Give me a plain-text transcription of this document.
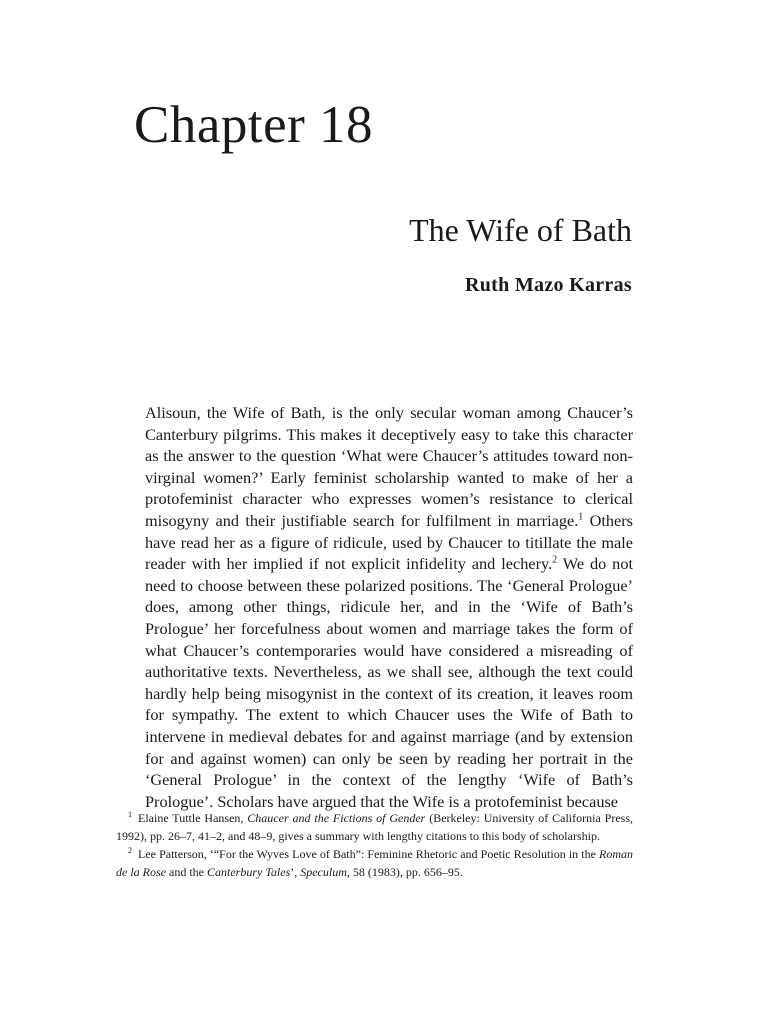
Chapter 18
The Wife of Bath

Ruth Mazo Karras

Alisoun, the Wife of Bath, is the only secular woman among Chaucer’s Canterbury pilgrims. This makes it deceptively easy to take this character as the answer to the question ‘What were Chaucer’s attitudes toward non-virginal women?’ Early feminist scholarship wanted to make of her a protofeminist character who expresses women’s resistance to clerical misogyny and their justifiable search for fulfilment in marriage.$^1$ Others have read her as a figure of ridicule, used by Chaucer to titillate the male reader with her implied if not explicit infidelity and lechery.$^2$ We do not need to choose between these polarized positions. The ‘General Prologue’ does, among other things, ridicule her, and in the ‘Wife of Bath’s Prologue’ her forcefulness about women and marriage takes the form of what Chaucer’s contemporaries would have considered a misreading of authoritative texts. Nevertheless, as we shall see, although the text could hardly help being misogynist in the context of its creation, it leaves room for sympathy. The extent to which Chaucer uses the Wife of Bath to intervene in medieval debates for and against marriage (and by extension for and against women) can only be seen by reading her portrait in the ‘General Prologue’ in the context of the lengthy ‘Wife of Bath’s Prologue’. Scholars have argued that the Wife is a protofeminist because

$^1$ Elaine Tuttle Hansen, Chaucer and the Fictions of Gender (Berkeley: University of California Press, 1992), pp. 26–7, 41–2, and 48–9, gives a summary with lengthy citations to this body of scholarship.

$^2$ Lee Patterson, ‘“For the Wyves Love of Bath”: Feminine Rhetoric and Poetic Resolution in the Roman de la Rose and the Canterbury Tales’, Speculum, 58 (1983), pp. 656–95.
